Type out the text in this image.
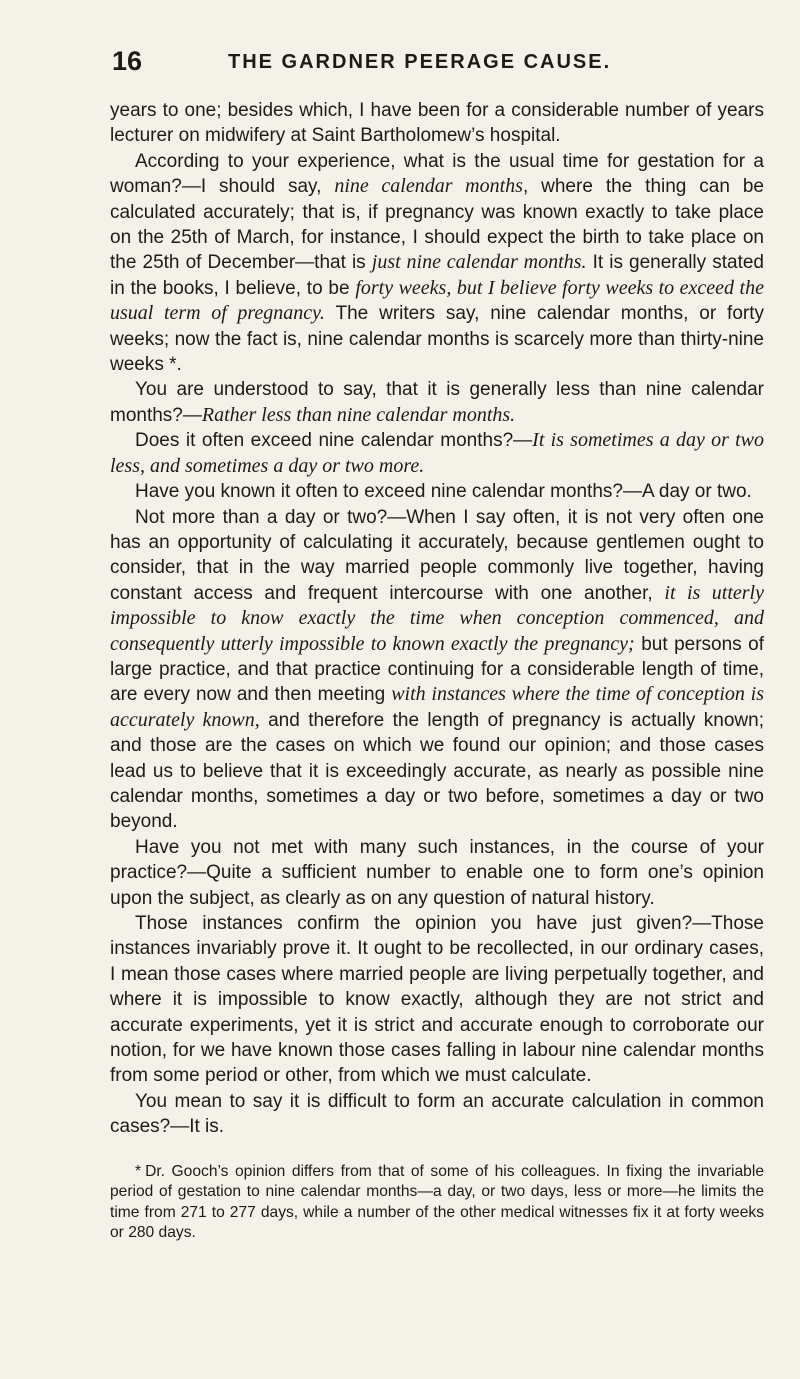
16	THE GARDNER PEERAGE CAUSE.

years to one; besides which, I have been for a considerable number of years lecturer on midwifery at Saint Bartholomew’s hospital.

According to your experience, what is the usual time for gestation for a woman?—I should say, nine calendar months, where the thing can be calculated accurately; that is, if pregnancy was known exactly to take place on the 25th of March, for instance, I should expect the birth to take place on the 25th of December—that is just nine calendar months. It is generally stated in the books, I believe, to be forty weeks, but I believe forty weeks to exceed the usual term of pregnancy. The writers say, nine calendar months, or forty weeks; now the fact is, nine calendar months is scarcely more than thirty-nine weeks *.

You are understood to say, that it is generally less than nine calendar months?—Rather less than nine calendar months.

Does it often exceed nine calendar months?—It is sometimes a day or two less, and sometimes a day or two more.

Have you known it often to exceed nine calendar months?—A day or two.

Not more than a day or two?—When I say often, it is not very often one has an opportunity of calculating it accurately, because gentlemen ought to consider, that in the way married people commonly live together, having constant access and frequent intercourse with one another, it is utterly impossible to know exactly the time when conception commenced, and consequently utterly impossible to known exactly the pregnancy; but persons of large practice, and that practice continuing for a considerable length of time, are every now and then meeting with instances where the time of conception is accurately known, and therefore the length of pregnancy is actually known; and those are the cases on which we found our opinion; and those cases lead us to believe that it is exceedingly accurate, as nearly as possible nine calendar months, sometimes a day or two before, sometimes a day or two beyond.

Have you not met with many such instances, in the course of your practice?—Quite a sufficient number to enable one to form one’s opinion upon the subject, as clearly as on any question of natural history.

Those instances confirm the opinion you have just given?—Those instances invariably prove it. It ought to be recollected, in our ordinary cases, I mean those cases where married people are living perpetually together, and where it is impossible to know exactly, although they are not strict and accurate experiments, yet it is strict and accurate enough to corroborate our notion, for we have known those cases falling in labour nine calendar months from some period or other, from which we must calculate.

You mean to say it is difficult to form an accurate calculation in common cases?—It is.

* Dr. Gooch’s opinion differs from that of some of his colleagues. In fixing the invariable period of gestation to nine calendar months—a day, or two days, less or more—he limits the time from 271 to 277 days, while a number of the other medical witnesses fix it at forty weeks or 280 days.
